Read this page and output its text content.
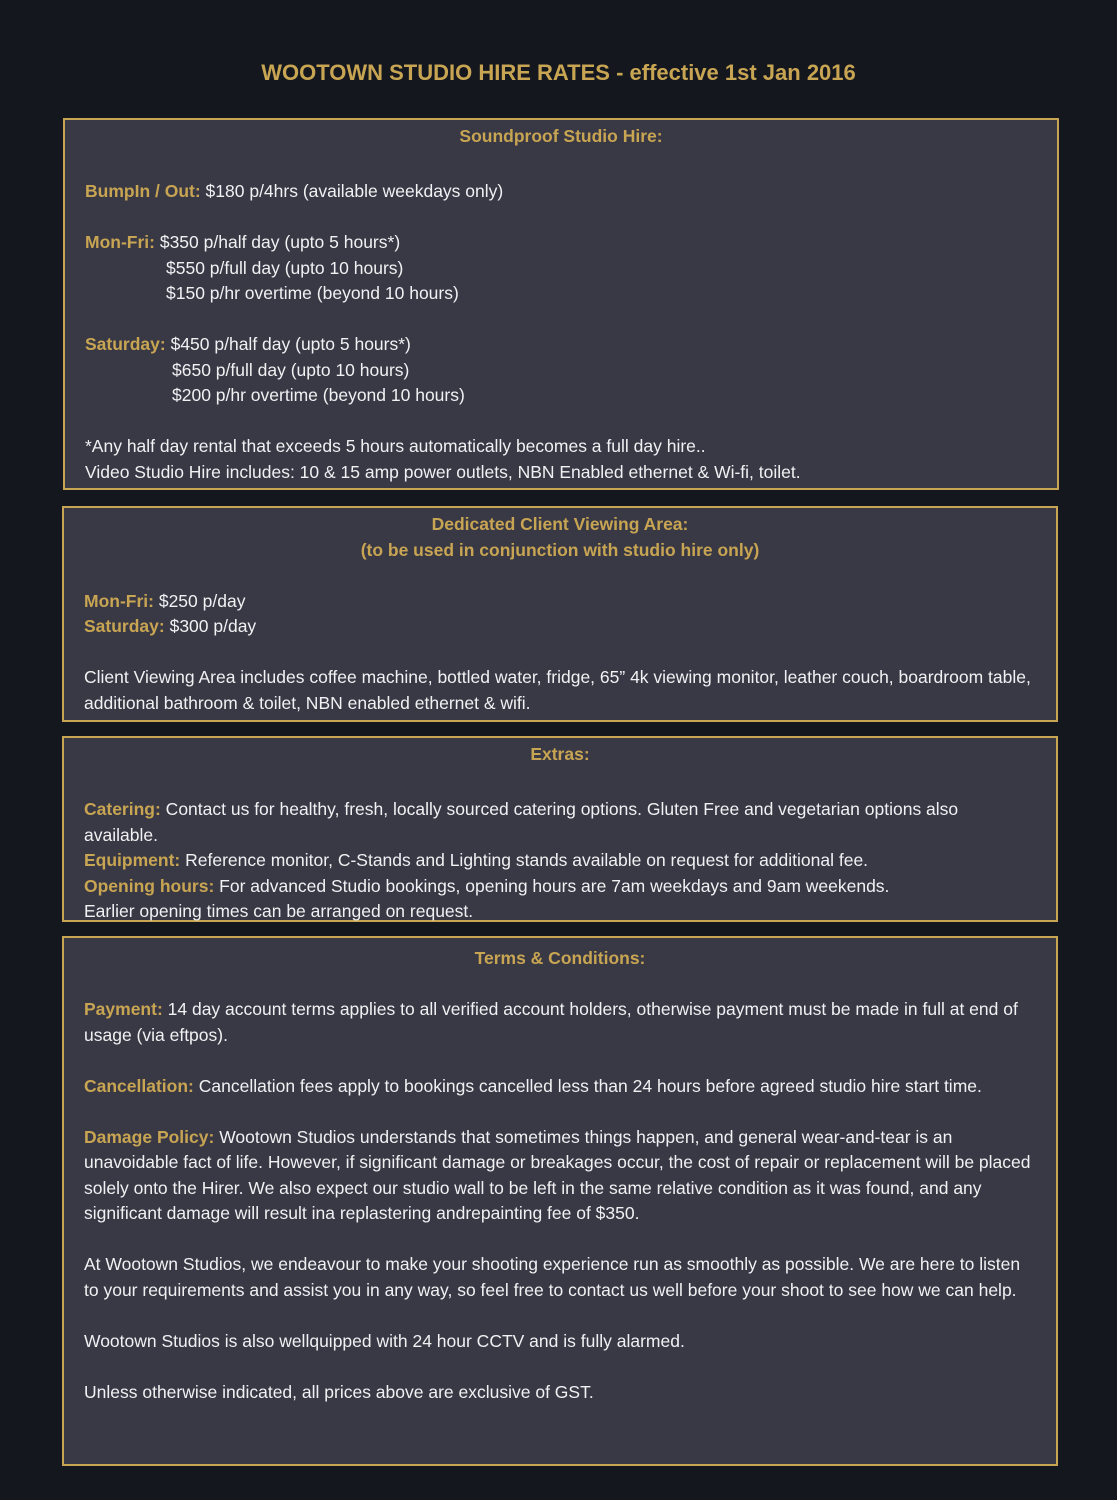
WOOTOWN STUDIO HIRE RATES - effective 1st Jan 2016
Soundproof Studio Hire:
BumpIn / Out: $180 p/4hrs (available weekdays only)
Mon-Fri: $350 p/half day (upto 5 hours*)
$550 p/full day (upto 10 hours)
$150 p/hr overtime (beyond 10 hours)
Saturday: $450 p/half day (upto 5 hours*)
$650 p/full day (upto 10 hours)
$200 p/hr overtime (beyond 10 hours)
*Any half day rental that exceeds 5 hours automatically becomes a full day hire..
Video Studio Hire includes: 10 & 15 amp power outlets, NBN Enabled ethernet & Wi-fi, toilet.
Dedicated Client Viewing Area:
(to be used in conjunction with studio hire only)
Mon-Fri: $250 p/day
Saturday: $300 p/day
Client Viewing Area includes coffee machine, bottled water, fridge, 65” 4k viewing monitor, leather couch, boardroom table, additional bathroom & toilet, NBN enabled ethernet & wifi.
Extras:
Catering: Contact us for healthy, fresh, locally sourced catering options. Gluten Free and vegetarian options also available.
Equipment: Reference monitor, C-Stands and Lighting stands available on request for additional fee.
Opening hours: For advanced Studio bookings, opening hours are 7am weekdays and 9am weekends.
Earlier opening times can be arranged on request.
Terms & Conditions:
Payment: 14 day account terms applies to all verified account holders, otherwise payment must be made in full at end of usage (via eftpos).
Cancellation: Cancellation fees apply to bookings cancelled less than 24 hours before agreed studio hire start time.
Damage Policy: Wootown Studios understands that sometimes things happen, and general wear-and-tear is an unavoidable fact of life. However, if significant damage or breakages occur, the cost of repair or replacement will be placed solely onto the Hirer. We also expect our studio wall to be left in the same relative condition as it was found, and any significant damage will result ina replastering andrepainting fee of $350.
At Wootown Studios, we endeavour to make your shooting experience run as smoothly as possible. We are here to listen to your requirements and assist you in any way, so feel free to contact us well before your shoot to see how we can help.
Wootown Studios is also wellquipped with 24 hour CCTV and is fully alarmed.
Unless otherwise indicated, all prices above are exclusive of GST.
